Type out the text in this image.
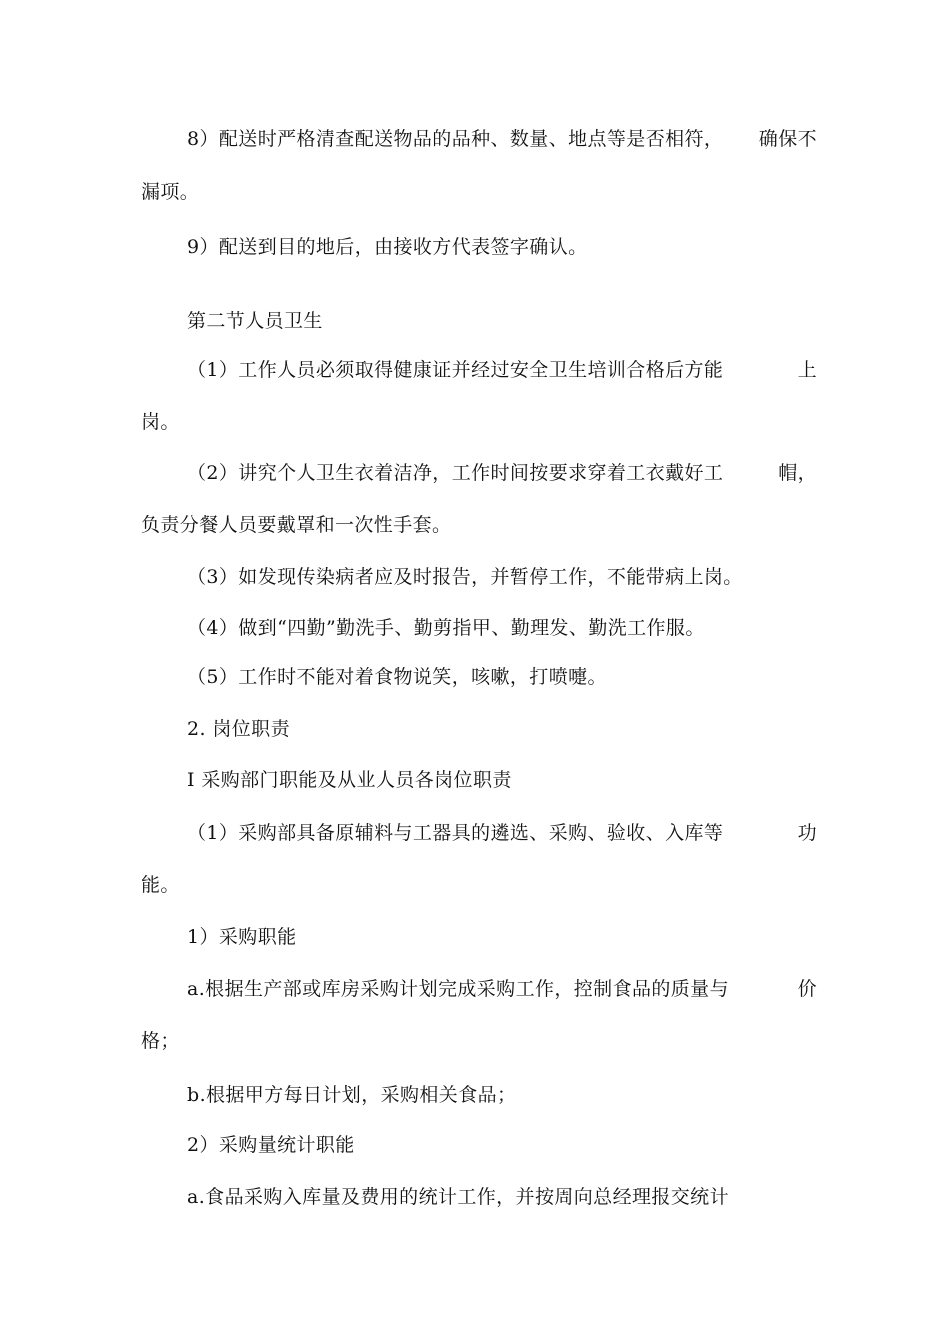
8）配送时严格清查配送物品的品种、数量、地点等是否相符， 确保不
漏项。
9）配送到目的地后，由接收方代表签字确认。
第二节人员卫生
（1）工作人员必须取得健康证并经过安全卫生培训合格后方能	上
岗。
（2）讲究个人卫生衣着洁净，工作时间按要求穿着工衣戴好工	帽，
负责分餐人员要戴罩和一次性手套。
（3）如发现传染病者应及时报告，并暂停工作，不能带病上岗。
（4）做到“四勤”勤洗手、勤剪指甲、勤理发、勤洗工作服。
（5）工作时不能对着食物说笑，咳嗽，打喷嚏。
2. 岗位职责
I 采购部门职能及从业人员各岗位职责
（1）采购部具备原辅料与工器具的遴选、采购、验收、入库等	功
能。
1）采购职能
a.根据生产部或库房采购计划完成采购工作，控制食品的质量与	价
格；
b.根据甲方每日计划，采购相关食品；
2）采购量统计职能
a.食品采购入库量及费用的统计工作，并按周向总经理报交统计
